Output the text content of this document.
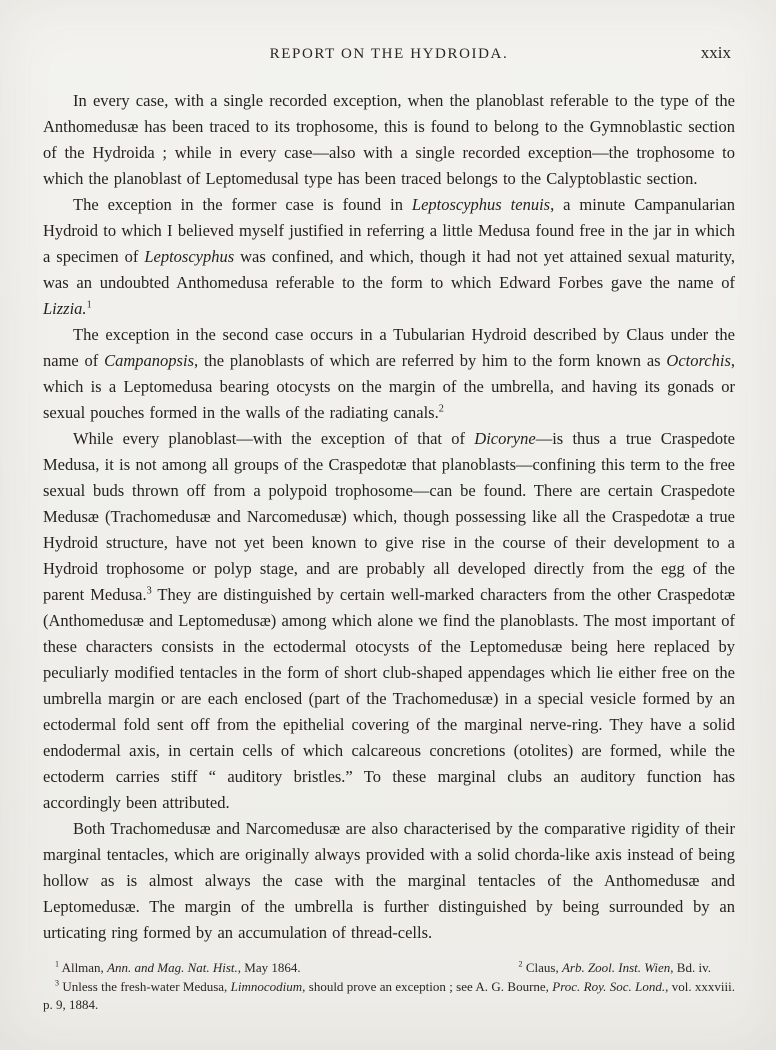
REPORT ON THE HYDROIDA.	xxix

In every case, with a single recorded exception, when the planoblast referable to the type of the Anthomedusæ has been traced to its trophosome, this is found to belong to the Gymnoblastic section of the Hydroida ; while in every case—also with a single recorded exception—the trophosome to which the planoblast of Leptomedusal type has been traced belongs to the Calyptoblastic section.

The exception in the former case is found in Leptoscyphus tenuis, a minute Campanularian Hydroid to which I believed myself justified in referring a little Medusa found free in the jar in which a specimen of Leptoscyphus was confined, and which, though it had not yet attained sexual maturity, was an undoubted Anthomedusa referable to the form to which Edward Forbes gave the name of Lizzia.$^1$

The exception in the second case occurs in a Tubularian Hydroid described by Claus under the name of Campanopsis, the planoblasts of which are referred by him to the form known as Octorchis, which is a Leptomedusa bearing otocysts on the margin of the umbrella, and having its gonads or sexual pouches formed in the walls of the radiating canals.$^2$

While every planoblast—with the exception of that of Dicoryne—is thus a true Craspedote Medusa, it is not among all groups of the Craspedotæ that planoblasts—confining this term to the free sexual buds thrown off from a polypoid trophosome—can be found. There are certain Craspedote Medusæ (Trachomedusæ and Narcomedusæ) which, though possessing like all the Craspedotæ a true Hydroid structure, have not yet been known to give rise in the course of their development to a Hydroid trophosome or polyp stage, and are probably all developed directly from the egg of the parent Medusa.$^3$ They are distinguished by certain well-marked characters from the other Craspedotæ (Anthomedusæ and Leptomedusæ) among which alone we find the planoblasts. The most important of these characters consists in the ectodermal otocysts of the Leptomedusæ being here replaced by peculiarly modified tentacles in the form of short club-shaped appendages which lie either free on the umbrella margin or are each enclosed (part of the Trachomedusæ) in a special vesicle formed by an ectodermal fold sent off from the epithelial covering of the marginal nerve-ring. They have a solid endodermal axis, in certain cells of which calcareous concretions (otolites) are formed, while the ectoderm carries stiff “ auditory bristles.” To these marginal clubs an auditory function has accordingly been attributed.

Both Trachomedusæ and Narcomedusæ are also characterised by the comparative rigidity of their marginal tentacles, which are originally always provided with a solid chorda-like axis instead of being hollow as is almost always the case with the marginal tentacles of the Anthomedusæ and Leptomedusæ. The margin of the umbrella is further distinguished by being surrounded by an urticating ring formed by an accumulation of thread-cells.

$^1$ Allman, Ann. and Mag. Nat. Hist., May 1864.	$^2$ Claus, Arb. Zool. Inst. Wien, Bd. iv.

$^3$ Unless the fresh-water Medusa, Limnocodium, should prove an exception ; see A. G. Bourne, Proc. Roy. Soc. Lond., vol. xxxviii. p. 9, 1884.
